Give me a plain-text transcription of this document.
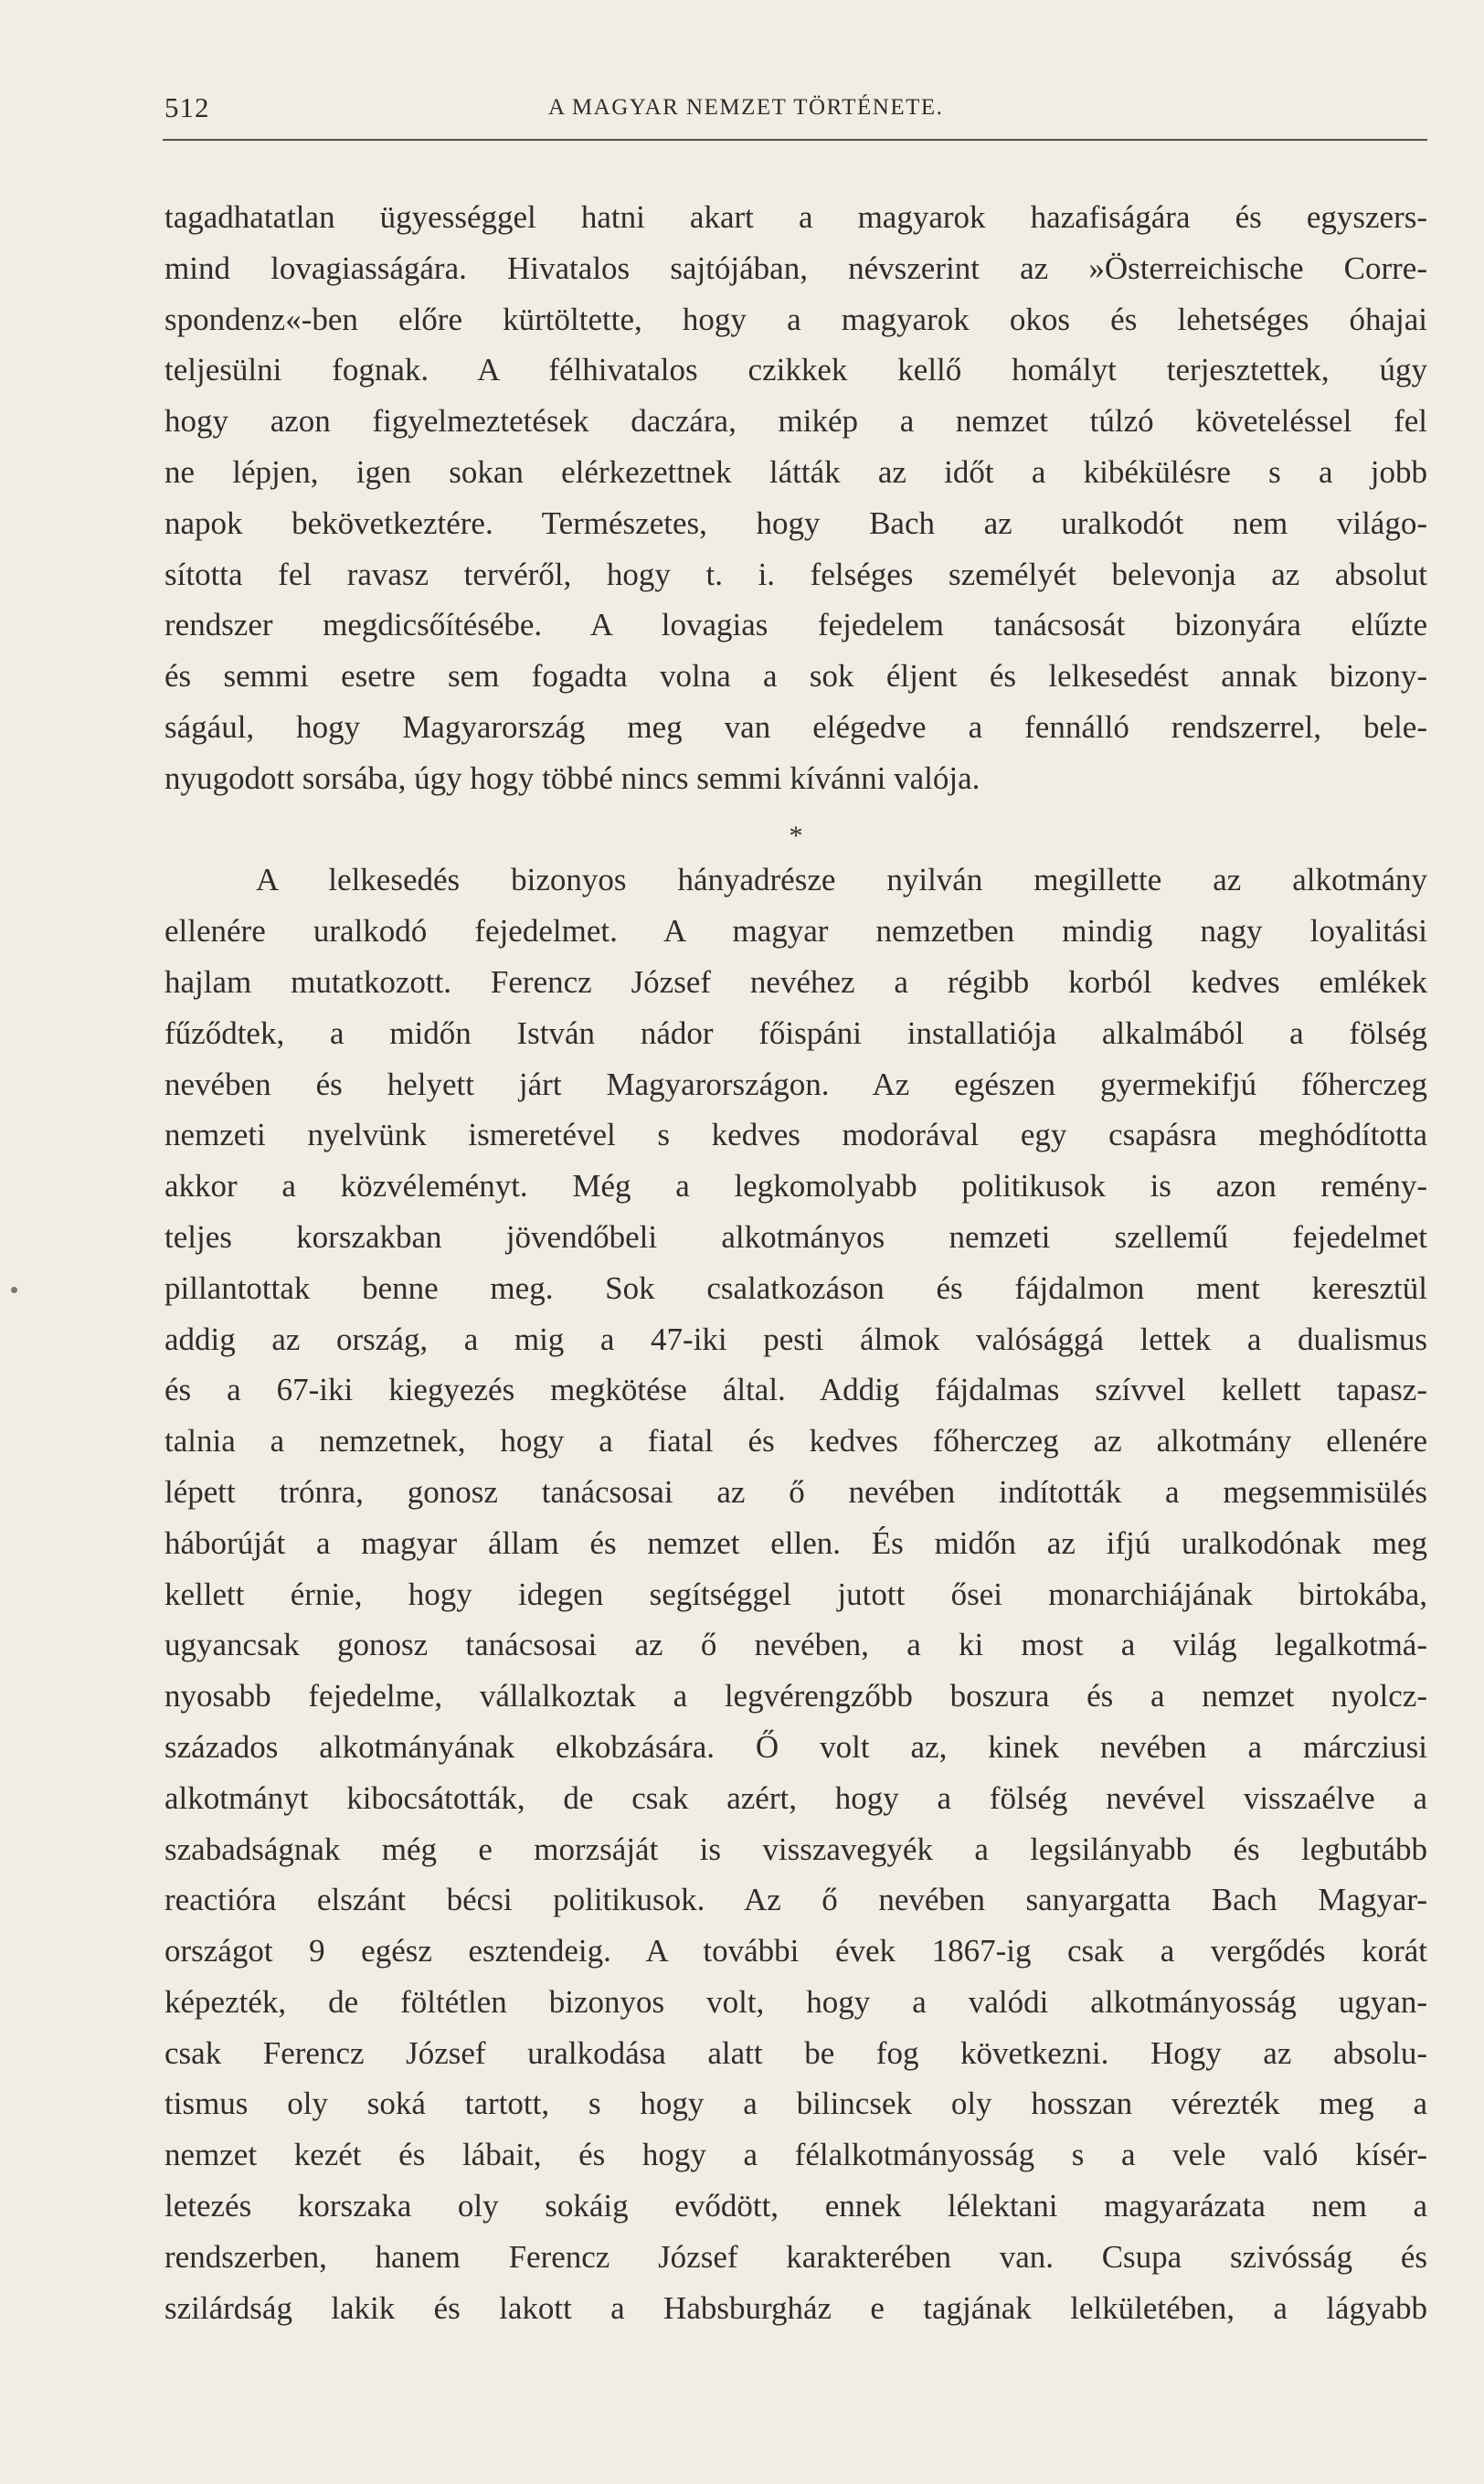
512	A MAGYAR NEMZET TÖRTÉNETE.
tagadhatatlan ügyességgel hatni akart a magyarok hazafiságára és egyszers-
mind lovagiasságára. Hivatalos sajtójában, névszerint az »Österreichische Corre-
spondenz«-ben előre kürtöltette, hogy a magyarok okos és lehetséges óhajai
teljesülni fognak. A félhivatalos czikkek kellő homályt terjesztettek, úgy
hogy azon figyelmeztetések daczára, mikép a nemzet túlzó követeléssel fel
ne lépjen, igen sokan elérkezettnek látták az időt a kibékülésre s a jobb
napok bekövetkeztére. Természetes, hogy Bach az uralkodót nem világo-
sította fel ravasz tervéről, hogy t. i. felséges személyét belevonja az absolut
rendszer megdicsőítésébe. A lovagias fejedelem tanácsosát bizonyára elűzte
és semmi esetre sem fogadta volna a sok éljent és lelkesedést annak bizony-
ságául, hogy Magyarország meg van elégedve a fennálló rendszerrel, bele-
nyugodott sorsába, úgy hogy többé nincs semmi kívánni valója.
*
A lelkesedés bizonyos hányadrésze nyilván megillette az alkotmány
ellenére uralkodó fejedelmet. A magyar nemzetben mindig nagy loyalitási
hajlam mutatkozott. Ferencz József nevéhez a régibb korból kedves emlékek
fűződtek, a midőn István nádor főispáni installatiója alkalmából a fölség
nevében és helyett járt Magyarországon. Az egészen gyermekifjú főherczeg
nemzeti nyelvünk ismeretével s kedves modorával egy csapásra meghódította
akkor a közvéleményt. Még a legkomolyabb politikusok is azon remény-
teljes korszakban jövendőbeli alkotmányos nemzeti szellemű fejedelmet
pillantottak benne meg. Sok csalatkozáson és fájdalmon ment keresztül
addig az ország, a mig a 47-iki pesti álmok valósággá lettek a dualismus
és a 67-iki kiegyezés megkötése által. Addig fájdalmas szívvel kellett tapasz-
talnia a nemzetnek, hogy a fiatal és kedves főherczeg az alkotmány ellenére
lépett trónra, gonosz tanácsosai az ő nevében indították a megsemmisülés
háborúját a magyar állam és nemzet ellen. És midőn az ifjú uralkodónak meg
kellett érnie, hogy idegen segítséggel jutott ősei monarchiájának birtokába,
ugyancsak gonosz tanácsosai az ő nevében, a ki most a világ legalkotmá-
nyosabb fejedelme, vállalkoztak a legvérengzőbb boszura és a nemzet nyolcz-
százados alkotmányának elkobzására. Ő volt az, kinek nevében a márcziusi
alkotmányt kibocsátották, de csak azért, hogy a fölség nevével visszaélve a
szabadságnak még e morzsáját is visszavegyék a legsilányabb és legbutább
reactióra elszánt bécsi politikusok. Az ő nevében sanyargatta Bach Magyar-
országot 9 egész esztendeig. A további évek 1867-ig csak a vergődés korát
képezték, de föltétlen bizonyos volt, hogy a valódi alkotmányosság ugyan-
csak Ferencz József uralkodása alatt be fog következni. Hogy az absolu-
tismus oly soká tartott, s hogy a bilincsek oly hosszan vérezték meg a
nemzet kezét és lábait, és hogy a félalkotmányosság s a vele való kísér-
letezés korszaka oly sokáig evődött, ennek lélektani magyarázata nem a
rendszerben, hanem Ferencz József karakterében van. Csupa szivósság és
szilárdság lakik és lakott a Habsburgház e tagjának lelkületében, a lágyabb
